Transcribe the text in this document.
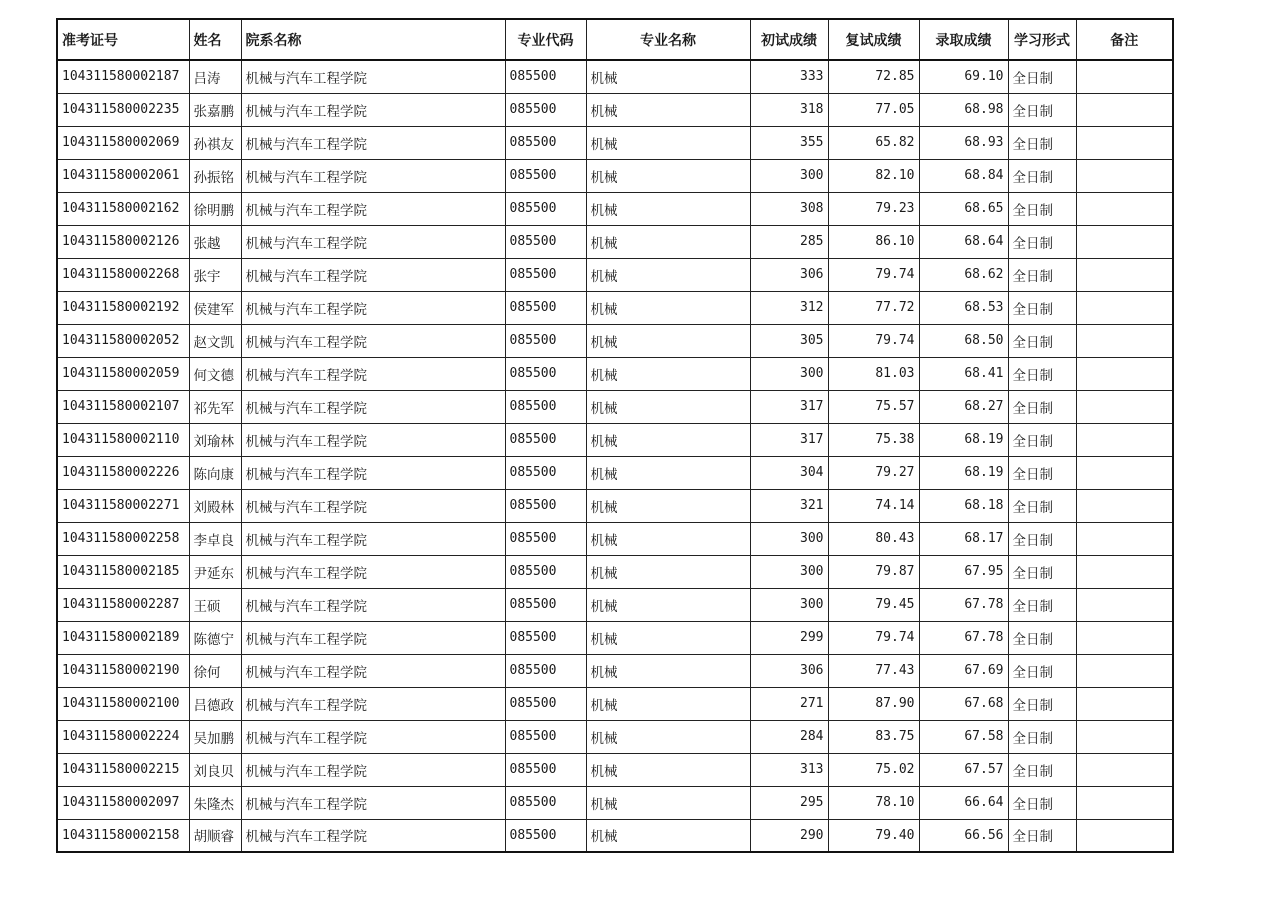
准考证号	姓名	院系名称	专业代码	专业名称	初试成绩	复试成绩	录取成绩	学习形式	备注
104311580002187	吕涛	机械与汽车工程学院	085500	机械	333	72.85	69.10	全日制	
104311580002235	张嘉鹏	机械与汽车工程学院	085500	机械	318	77.05	68.98	全日制	
104311580002069	孙祺友	机械与汽车工程学院	085500	机械	355	65.82	68.93	全日制	
104311580002061	孙振铭	机械与汽车工程学院	085500	机械	300	82.10	68.84	全日制	
104311580002162	徐明鹏	机械与汽车工程学院	085500	机械	308	79.23	68.65	全日制	
104311580002126	张越	机械与汽车工程学院	085500	机械	285	86.10	68.64	全日制	
104311580002268	张宇	机械与汽车工程学院	085500	机械	306	79.74	68.62	全日制	
104311580002192	侯建军	机械与汽车工程学院	085500	机械	312	77.72	68.53	全日制	
104311580002052	赵文凯	机械与汽车工程学院	085500	机械	305	79.74	68.50	全日制	
104311580002059	何文德	机械与汽车工程学院	085500	机械	300	81.03	68.41	全日制	
104311580002107	祁先军	机械与汽车工程学院	085500	机械	317	75.57	68.27	全日制	
104311580002110	刘瑜林	机械与汽车工程学院	085500	机械	317	75.38	68.19	全日制	
104311580002226	陈向康	机械与汽车工程学院	085500	机械	304	79.27	68.19	全日制	
104311580002271	刘殿林	机械与汽车工程学院	085500	机械	321	74.14	68.18	全日制	
104311580002258	李卓良	机械与汽车工程学院	085500	机械	300	80.43	68.17	全日制	
104311580002185	尹延东	机械与汽车工程学院	085500	机械	300	79.87	67.95	全日制	
104311580002287	王硕	机械与汽车工程学院	085500	机械	300	79.45	67.78	全日制	
104311580002189	陈德宁	机械与汽车工程学院	085500	机械	299	79.74	67.78	全日制	
104311580002190	徐何	机械与汽车工程学院	085500	机械	306	77.43	67.69	全日制	
104311580002100	吕德政	机械与汽车工程学院	085500	机械	271	87.90	67.68	全日制	
104311580002224	吴加鹏	机械与汽车工程学院	085500	机械	284	83.75	67.58	全日制	
104311580002215	刘良贝	机械与汽车工程学院	085500	机械	313	75.02	67.57	全日制	
104311580002097	朱隆杰	机械与汽车工程学院	085500	机械	295	78.10	66.64	全日制	
104311580002158	胡顺睿	机械与汽车工程学院	085500	机械	290	79.40	66.56	全日制	
